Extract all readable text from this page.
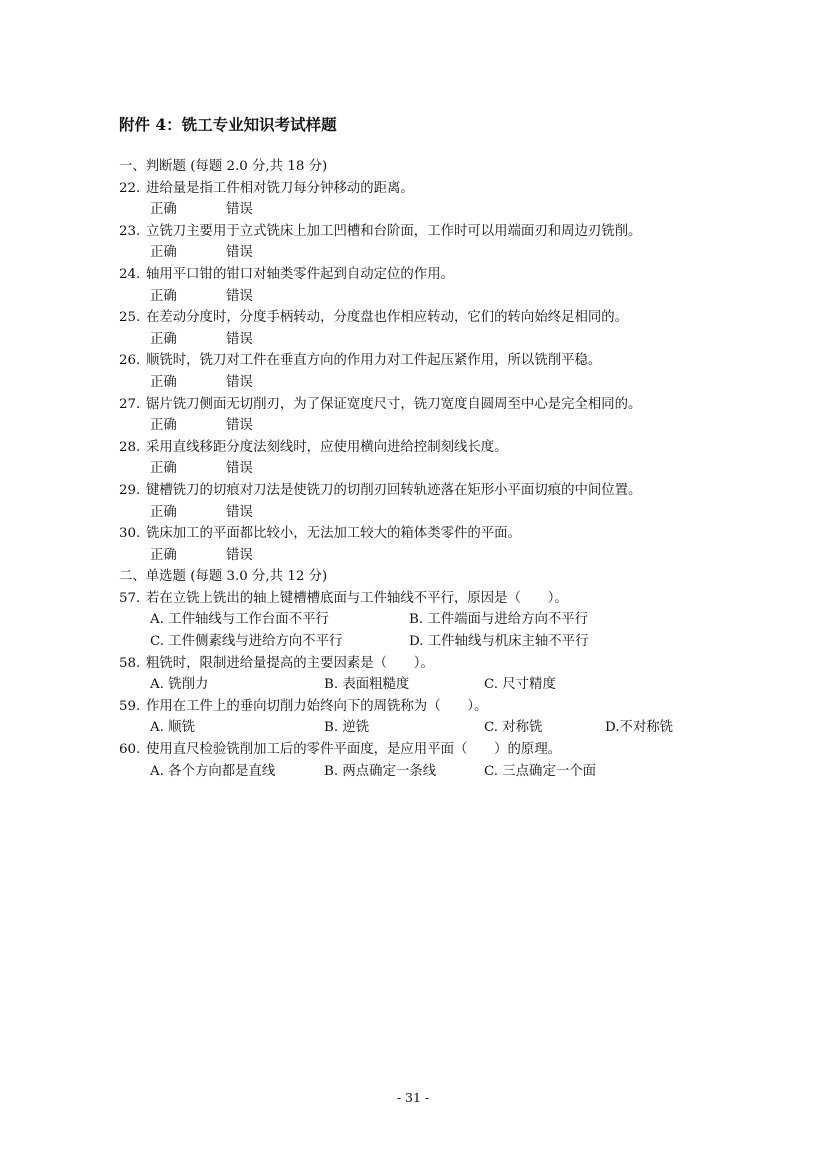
附件 4：铣工专业知识考试样题
一、判断题 (每题 2.0 分,共 18 分)
22. 进给量是指工件相对铣刀每分钟移动的距离。
正确	错误
23. 立铣刀主要用于立式铣床上加工凹槽和台阶面，工作时可以用端面刃和周边刃铣削。
正确	错误
24. 轴用平口钳的钳口对轴类零件起到自动定位的作用。
正确	错误
25. 在差动分度时，分度手柄转动，分度盘也作相应转动，它们的转向始终足相同的。
正确	错误
26. 顺铣时，铣刀对工件在垂直方向的作用力对工件起压紧作用，所以铣削平稳。
正确	错误
27. 锯片铣刀侧面无切削刃，为了保证宽度尺寸，铣刀宽度自圆周至中心是完全相同的。
正确	错误
28. 采用直线移距分度法刻线时，应使用横向进给控制刻线长度。
正确	错误
29. 键槽铣刀的切痕对刀法是使铣刀的切削刃回转轨迹落在矩形小平面切痕的中间位置。
正确	错误
30. 铣床加工的平面都比较小，无法加工较大的箱体类零件的平面。
正确	错误
二、单选题 (每题 3.0 分,共 12 分)
57. 若在立铣上铣出的轴上键槽槽底面与工件轴线不平行，原因是（　　）。
A. 工件轴线与工作台面不平行	B. 工件端面与进给方向不平行
C. 工件侧素线与进给方向不平行	D. 工件轴线与机床主轴不平行
58. 粗铣时，限制进给量提高的主要因素是（　　）。
A. 铣削力	B. 表面粗糙度	C. 尺寸精度
59. 作用在工件上的垂向切削力始终向下的周铣称为（　　）。
A. 顺铣	B. 逆铣	C. 对称铣	D.不对称铣
60. 使用直尺检验铣削加工后的零件平面度，是应用平面（　　）的原理。
A. 各个方向都是直线	B. 两点确定一条线	C. 三点确定一个面
- 31 -
